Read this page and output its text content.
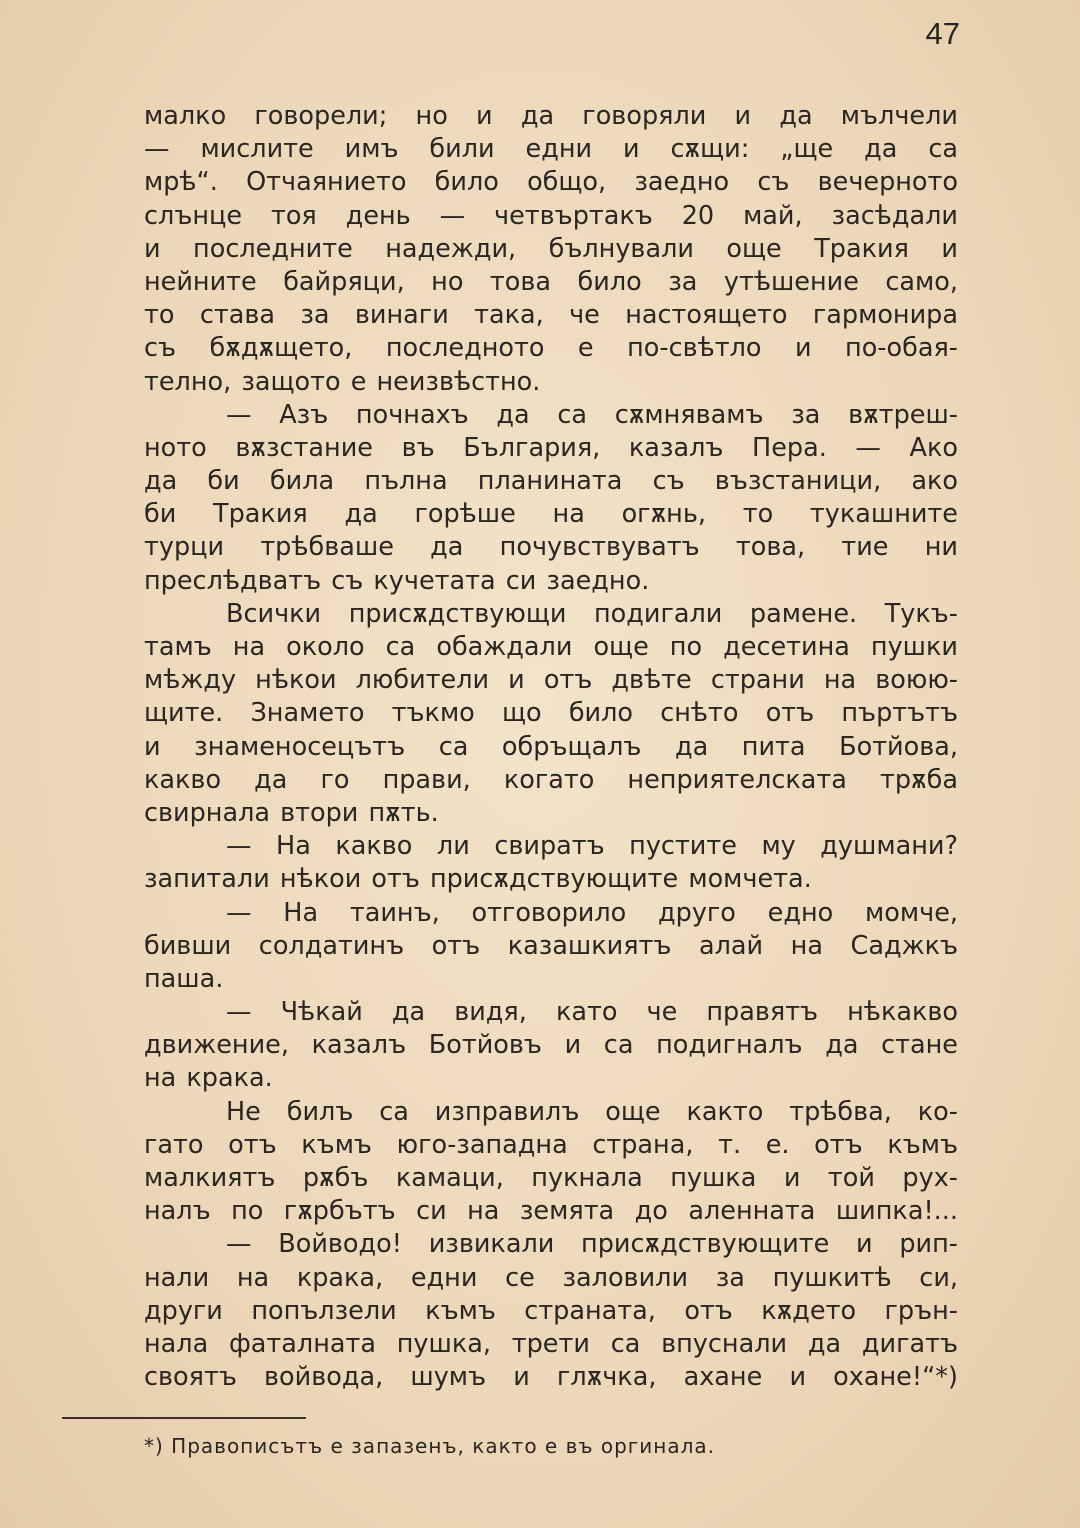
47
малко говорели; но и да говоряли и да мълчели
— мислите имъ били едни и сѫщи: „ще да са
мрѣ“. Отчаянието било общо, заедно съ вечерното
слънце тоя день — четвъртакъ 20 май, засѣдали
и последните надежди, бълнували още Тракия и
нейните байряци, но това било за утѣшение само,
то става за винаги така, че настоящето гармонира
съ бѫдѫщето, последното е по-свѣтло и по-обая-
телно, защото е неизвѣстно.
— Азъ почнахъ да са сѫмнявамъ за вѫтреш-
ното вѫзстание въ България, казалъ Пера. — Ако
да би била пълна планината съ възстаници, ако
би Тракия да горѣше на огѫнь, то тукашните
турци трѣбваше да почувствуватъ това, тие ни
преслѣдватъ съ кучетата си заедно.
Всички присѫдствующи подигали рамене. Тукъ-
тамъ на около са обаждали още по десетина пушки
мѣжду нѣкои любители и отъ двѣте страни на воюю-
щите. Знамето тъкмо що било снѣто отъ пъртътъ
и знаменосецътъ са обръщалъ да пита Ботйова,
какво да го прави, когато неприятелската трѫба
свирнала втори пѫть.
— На какво ли свиратъ пустите му душмани?
запитали нѣкои отъ присѫдствующите момчета.
— На таинъ, отговорило друго едно момче,
бивши солдатинъ отъ казашкиятъ алай на Саджкъ
паша.
— Чѣкай да видя, като че правятъ нѣкакво
движение, казалъ Ботйовъ и са подигналъ да стане
на крака.
Не билъ са изправилъ още както трѣбва, ко-
гато отъ къмъ юго-западна страна, т. е. отъ къмъ
малкиятъ рѫбъ камаци, пукнала пушка и той рух-
налъ по гѫрбътъ си на земята до аленната шипка!...
— Войводо! извикали присѫдствующите и рип-
нали на крака, едни се заловили за пушкитѣ си,
други попълзели къмъ страната, отъ кѫдето грън-
нала фаталната пушка, трети са впуснали да дигатъ
своятъ войвода, шумъ и глѫчка, ахане и охане!“*)
*) Правописътъ е запазенъ, както е въ оргинала.
